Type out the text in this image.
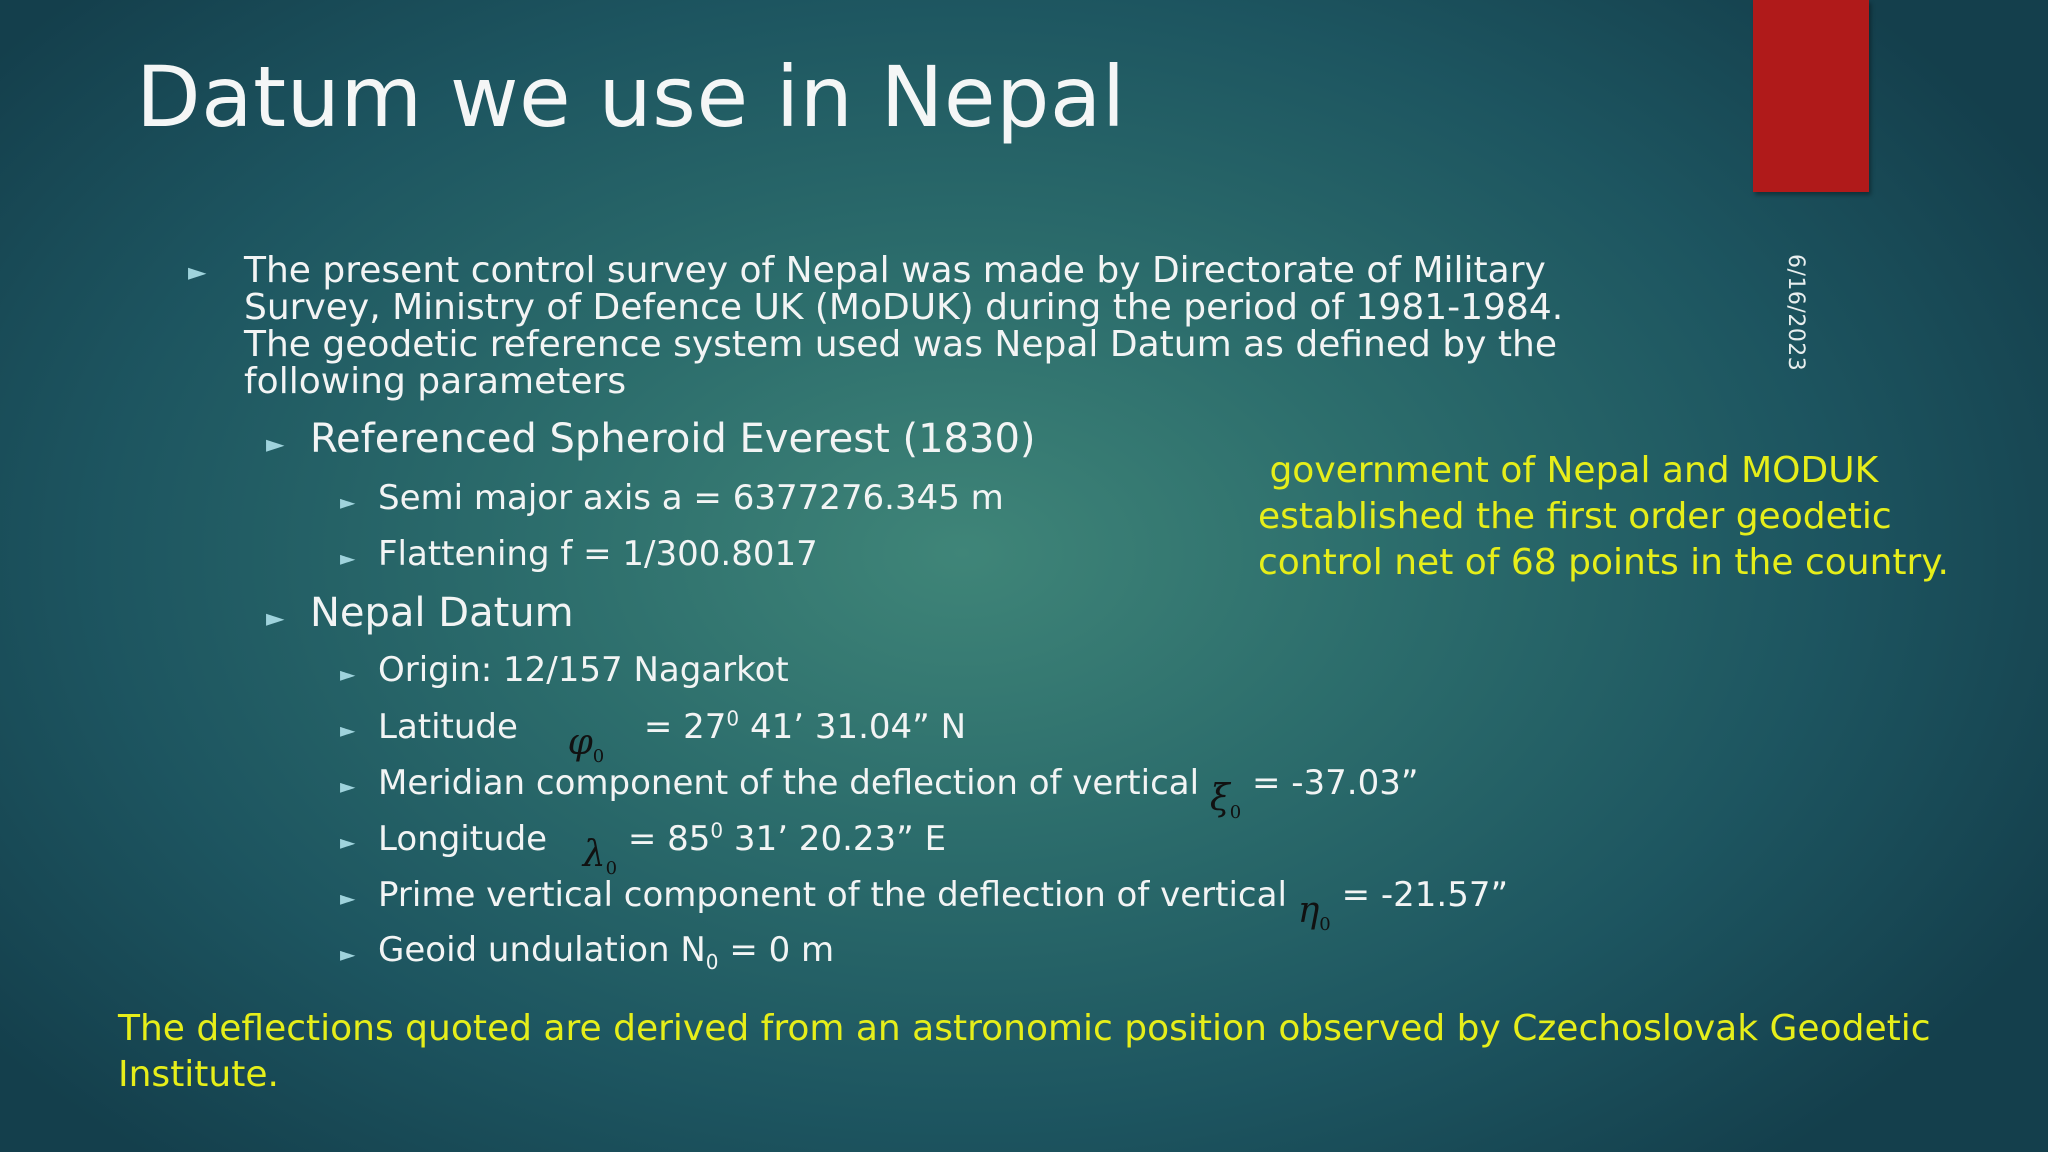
Datum we use in Nepal
6/16/2023
► The present control survey of Nepal was made by Directorate of Military Survey, Ministry of Defence UK (MoDUK) during the period of 1981-1984. The geodetic reference system used was Nepal Datum as defined by the following parameters
► Referenced Spheroid Everest (1830)
► Semi major axis a = 6377276.345 m
► Flattening f = 1/300.8017
► Nepal Datum
► Origin: 12/157 Nagarkot
► Latitude $\varphi_0 = 27^0$ 41’ 31.04” N
► Meridian component of the deflection of vertical $\xi_0 = -37.03$”
► Longitude $\lambda_0 = 85^0$ 31’ 20.23” E
► Prime vertical component of the deflection of vertical $\eta_0 = -21.57$”
► Geoid undulation $N_0 = 0$ m
government of Nepal and MODUK
established the first order geodetic
control net of 68 points in the country.
The deflections quoted are derived from an astronomic position observed by Czechoslovak Geodetic Institute.
